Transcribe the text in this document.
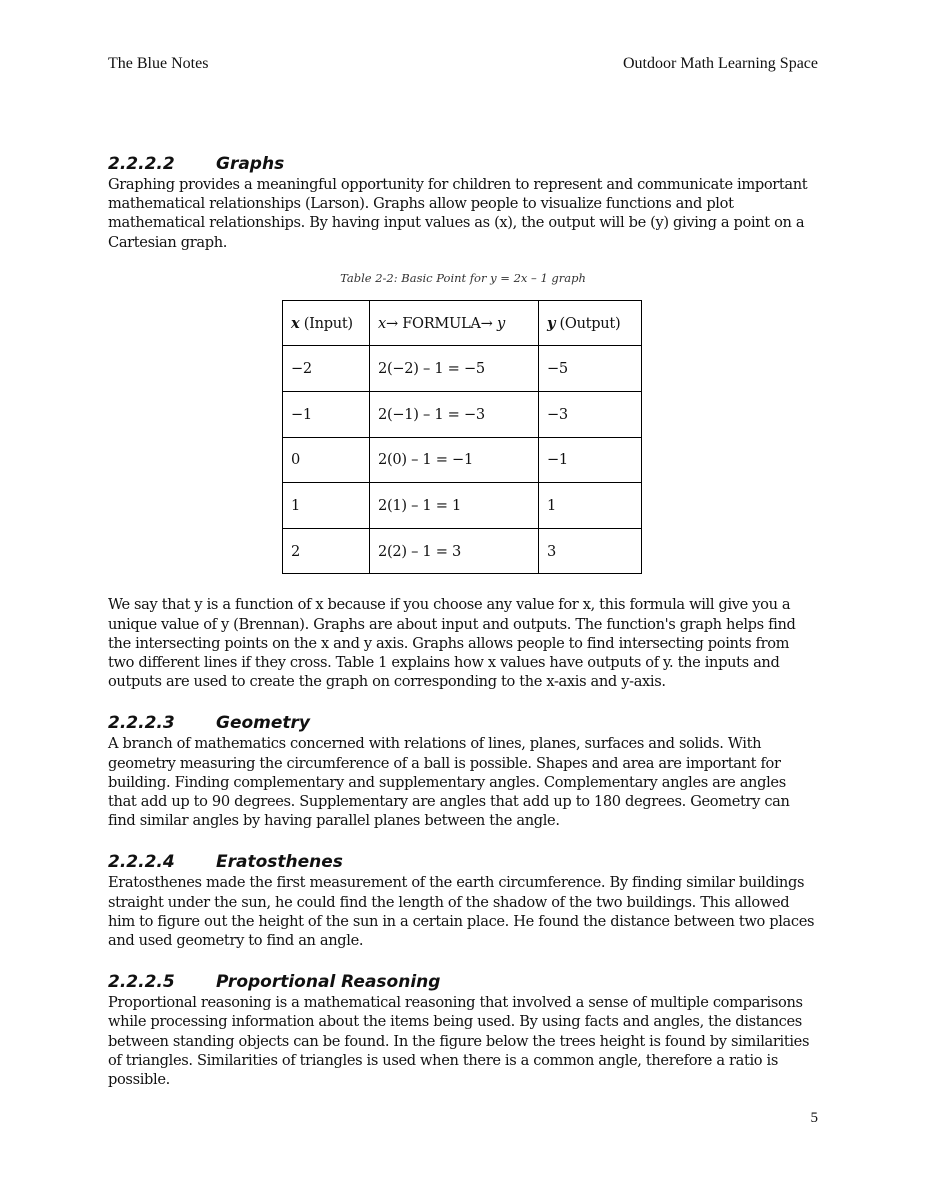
The Blue Notes	Outdoor Math Learning Space
2.2.2.2 Graphs

Graphing provides a meaningful opportunity for children to represent and communicate important mathematical relationships (Larson). Graphs allow people to visualize functions and plot mathematical relationships. By having input values as (x), the output will be (y) giving a point on a Cartesian graph.

Table 2-2: Basic Point for y = 2x – 1 graph
x (Input)	x→ FORMULA→ y	y (Output)
−2	2(−2) – 1 = −5	−5
−1	2(−1) – 1 = −3	−3
0	2(0) – 1 = −1	−1
1	2(1) – 1 = 1	1
2	2(2) – 1 = 3	3

We say that y is a function of x because if you choose any value for x, this formula will give you a unique value of y (Brennan). Graphs are about input and outputs. The function's graph helps find the intersecting points on the x and y axis. Graphs allows people to find intersecting points from two different lines if they cross. Table 1 explains how x values have outputs of y. the inputs and outputs are used to create the graph on corresponding to the x-axis and y-axis.

2.2.2.3 Geometry

A branch of mathematics concerned with relations of lines, planes, surfaces and solids. With geometry measuring the circumference of a ball is possible. Shapes and area are important for building. Finding complementary and supplementary angles. Complementary angles are angles that add up to 90 degrees. Supplementary are angles that add up to 180 degrees. Geometry can find similar angles by having parallel planes between the angle.

2.2.2.4 Eratosthenes

Eratosthenes made the first measurement of the earth circumference. By finding similar buildings straight under the sun, he could find the length of the shadow of the two buildings. This allowed him to figure out the height of the sun in a certain place. He found the distance between two places and used geometry to find an angle.

2.2.2.5 Proportional Reasoning

Proportional reasoning is a mathematical reasoning that involved a sense of multiple comparisons while processing information about the items being used. By using facts and angles, the distances between standing objects can be found. In the figure below the trees height is found by similarities of triangles. Similarities of triangles is used when there is a common angle, therefore a ratio is possible.

5
